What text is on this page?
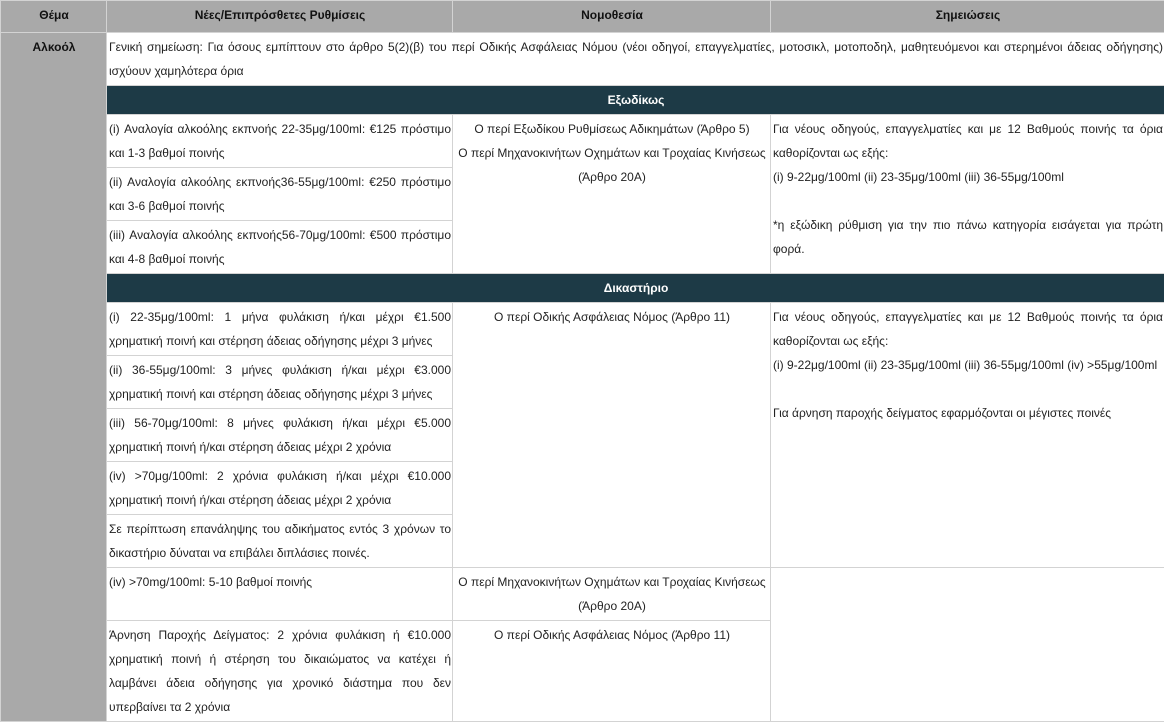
Θέμα	Νέες/Επιπρόσθετες Ρυθμίσεις	Νομοθεσία	Σημειώσεις
Αλκοόλ	Γενική σημείωση: Για όσους εμπίπτουν στο άρθρο 5(2)(β) του περί Οδικής Ασφάλειας Νόμου (νέοι οδηγοί, επαγγελματίες, μοτοσικλ, μοτοποδηλ, μαθητευόμενοι και στερημένοι άδειας οδήγησης) ισχύουν χαμηλότερα όρια		
	Εξωδίκως		
	(i) Αναλογία αλκοόλης εκπνοής 22-35μg/100ml: €125 πρόστιμο και 1-3 βαθμοί ποινής	Ο περί Εξωδίκου Ρυθμίσεως Αδικημάτων (Άρθρο 5)
Ο περί Μηχανοκινήτων Οχημάτων και Τροχαίας Κινήσεως (Άρθρο 20Α)	Για νέους οδηγούς, επαγγελματίες και με 12 Βαθμούς ποινής τα όρια καθορίζονται ως εξής:
(i) 9-22μg/100ml (ii) 23-35μg/100ml (iii) 36-55μg/100ml
*η εξώδικη ρύθμιση για την πιο πάνω κατηγορία εισάγεται για πρώτη φορά.
	(ii) Αναλογία αλκοόλης εκπνοής36-55μg/100ml: €250 πρόστιμο και 3-6 βαθμοί ποινής		
	(iii) Αναλογία αλκοόλης εκπνοής56-70μg/100ml: €500 πρόστιμο και 4-8 βαθμοί ποινής		
	Δικαστήριο		
	(i) 22-35μg/100ml: 1 μήνα φυλάκιση ή/και μέχρι €1.500 χρηματική ποινή και στέρηση άδειας οδήγησης μέχρι 3 μήνες	Ο περί Οδικής Ασφάλειας Νόμος (Άρθρο 11)	Για νέους οδηγούς, επαγγελματίες και με 12 Βαθμούς ποινής τα όρια καθορίζονται ως εξής:
(i) 9-22μg/100ml (ii) 23-35μg/100ml (iii) 36-55μg/100ml (iv) >55μg/100ml
Για άρνηση παροχής δείγματος εφαρμόζονται οι μέγιστες ποινές
	(ii) 36-55μg/100ml: 3 μήνες φυλάκιση ή/και μέχρι €3.000 χρηματική ποινή και στέρηση άδειας οδήγησης μέχρι 3 μήνες		
	(iii) 56-70μg/100ml: 8 μήνες φυλάκιση ή/και μέχρι €5.000 χρηματική ποινή ή/και στέρηση άδειας μέχρι 2 χρόνια		
	(iv) >70μg/100ml: 2 χρόνια φυλάκιση ή/και μέχρι €10.000 χρηματική ποινή ή/και στέρηση άδειας μέχρι 2 χρόνια		
	Σε περίπτωση επανάληψης του αδικήματος εντός 3 χρόνων το δικαστήριο δύναται να επιβάλει διπλάσιες ποινές.		
	(iv) >70mg/100ml: 5-10 βαθμοί ποινής	Ο περί Μηχανοκινήτων Οχημάτων και Τροχαίας Κινήσεως (Άρθρο 20Α)	
	Άρνηση Παροχής Δείγματος: 2 χρόνια φυλάκιση ή €10.000 χρηματική ποινή ή στέρηση του δικαιώματος να κατέχει ή λαμβάνει άδεια οδήγησης για χρονικό διάστημα που δεν υπερβαίνει τα 2 χρόνια	Ο περί Οδικής Ασφάλειας Νόμος (Άρθρο 11)	
